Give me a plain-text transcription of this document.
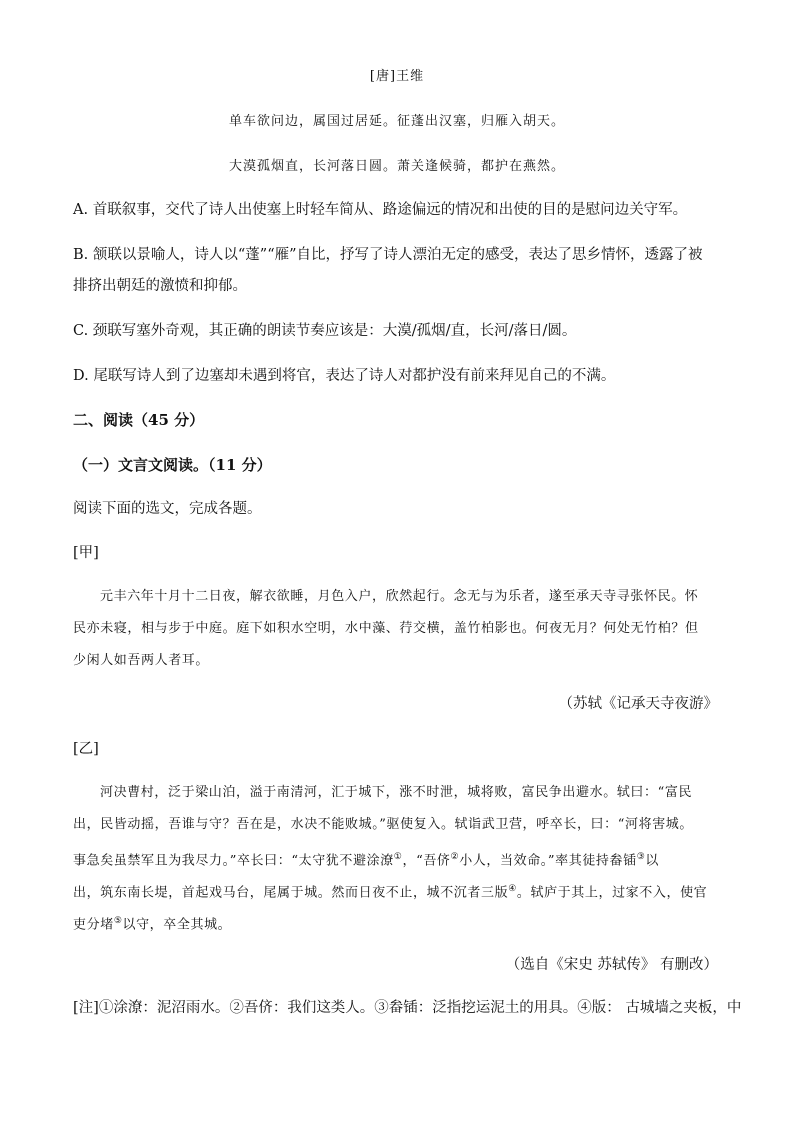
[唐]王维
单车欲问边，属国过居延。征蓬出汉塞，归雁入胡天。
大漠孤烟直，长河落日圆。萧关逢候骑，都护在燕然。
A. 首联叙事，交代了诗人出使塞上时轻车简从、路途偏远的情况和出使的目的是慰问边关守军。
B. 颔联以景喻人，诗人以“蓬”“雁”自比，抒写了诗人漂泊无定的感受，表达了思乡情怀，透露了被
排挤出朝廷的激愤和抑郁。
C. 颈联写塞外奇观，其正确的朗读节奏应该是：大漠/孤烟/直，长河/落日/圆。
D. 尾联写诗人到了边塞却未遇到将官，表达了诗人对都护没有前来拜见自己的不满。
二、阅读（45 分）
（一）文言文阅读。（11 分）
阅读下面的选文，完成各题。
[甲]
元丰六年十月十二日夜，解衣欲睡，月色入户，欣然起行。念无与为乐者，遂至承天寺寻张怀民。怀
民亦未寝，相与步于中庭。庭下如积水空明，水中藻、荇交横，盖竹柏影也。何夜无月？何处无竹柏？但
少闲人如吾两人者耳。
（苏轼《记承天寺夜游》
[乙]
河决曹村，泛于梁山泊，溢于南清河，汇于城下，涨不时泄，城将败，富民争出避水。轼曰：“富民
出，民皆动摇，吾谁与守？吾在是，水决不能败城。”驱使复入。轼诣武卫营，呼卒长，曰：“河将害城。
事急矣虽禁军且为我尽力。”卒长曰：“太守犹不避涂潦①，“吾侪②小人，当效命。”率其徒持畚锸③以
出，筑东南长堤，首起戏马台，尾属于城。然而日夜不止，城不沉者三版④。轼庐于其上，过家不入，使官
吏分堵⑤以守，卒全其城。
（选自《宋史 苏轼传》 有删改）
[注]①涂潦：泥沼雨水。②吾侪：我们这类人。③畚锸：泛指挖运泥土的用具。④版： 古城墙之夹板，中
